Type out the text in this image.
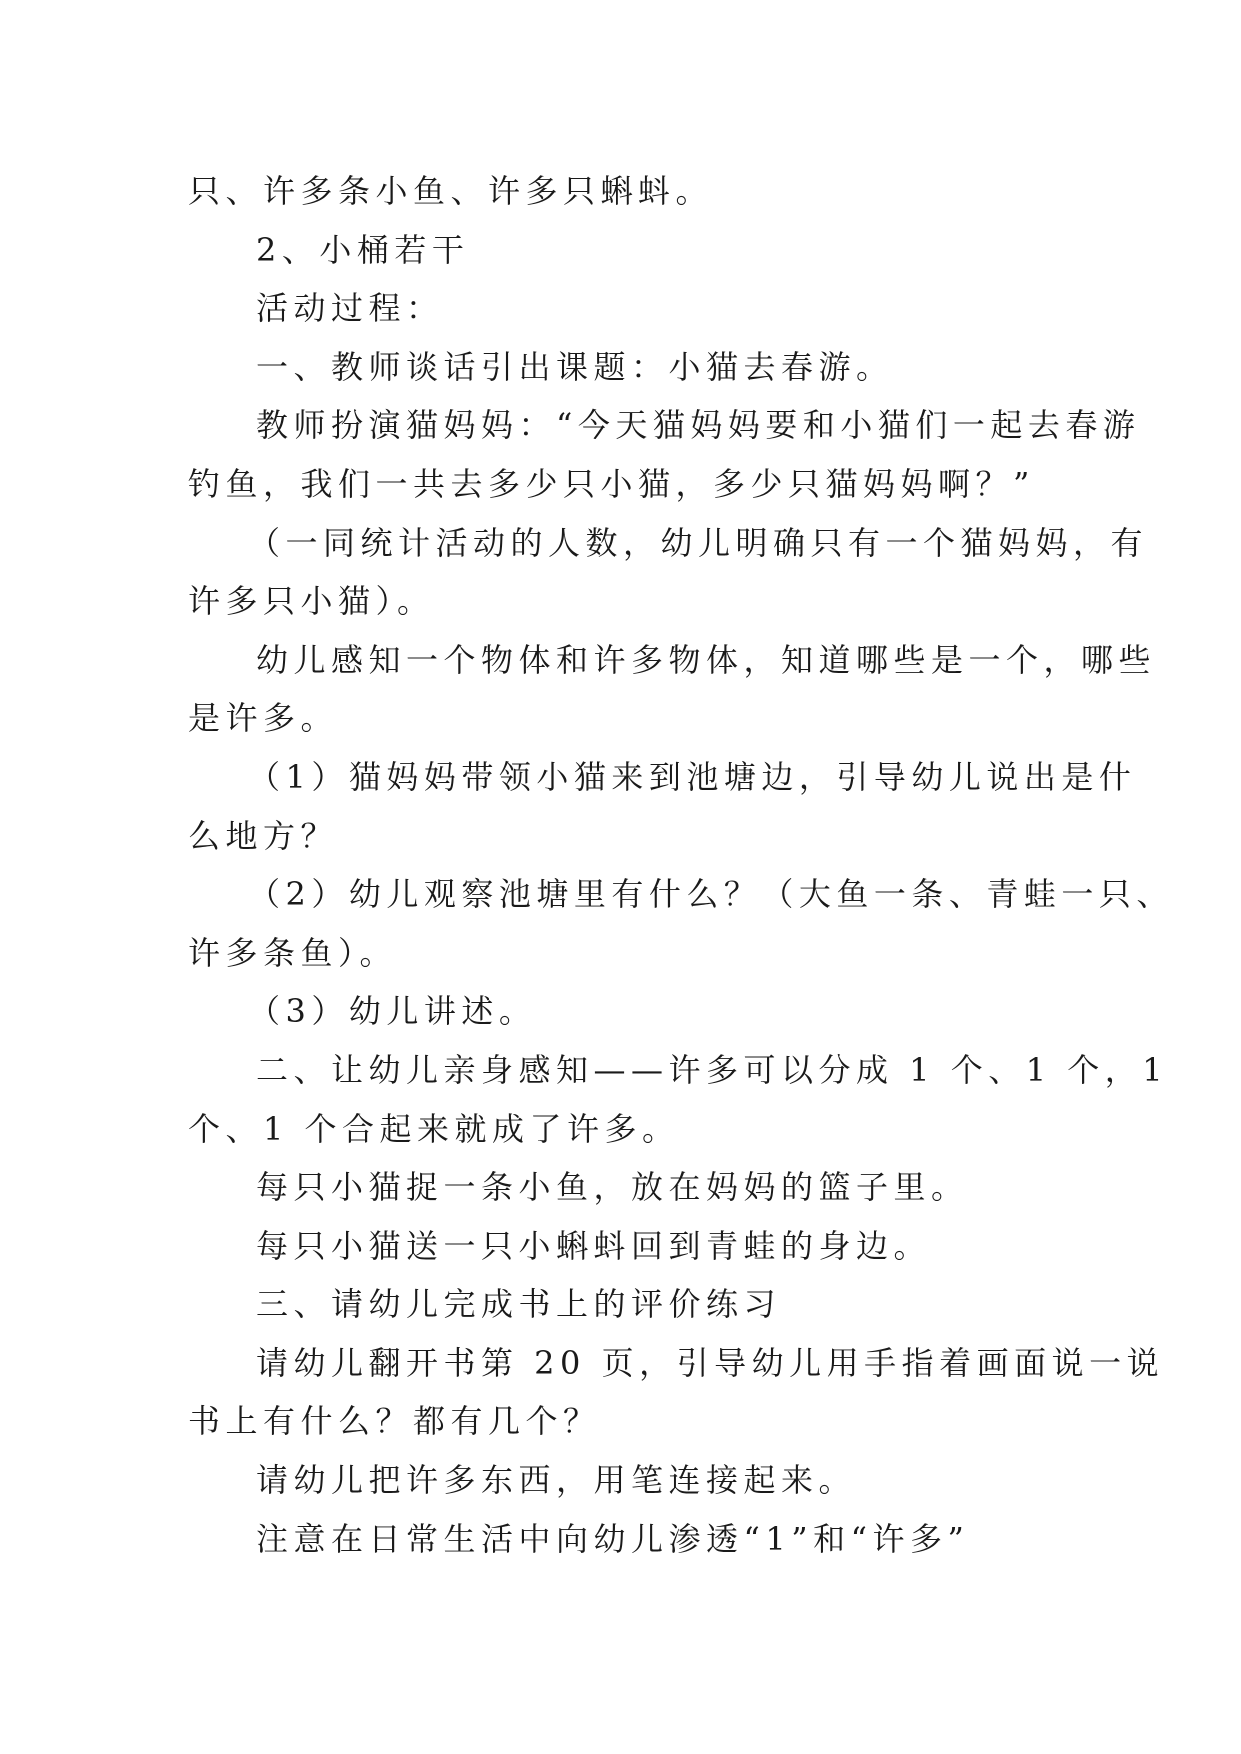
只、许多条小鱼、许多只蝌蚪。
2、小桶若干
活动过程：
一、教师谈话引出课题：小猫去春游。
教师扮演猫妈妈：“今天猫妈妈要和小猫们一起去春游
钓鱼，我们一共去多少只小猫，多少只猫妈妈啊？”
（一同统计活动的人数，幼儿明确只有一个猫妈妈，有
许多只小猫）。
幼儿感知一个物体和许多物体，知道哪些是一个，哪些
是许多。
（1）猫妈妈带领小猫来到池塘边，引导幼儿说出是什
么地方？
（2）幼儿观察池塘里有什么？（大鱼一条、青蛙一只、
许多条鱼）。
（3）幼儿讲述。
二、让幼儿亲身感知——许多可以分成 1 个、1 个，1
个、1 个合起来就成了许多。
每只小猫捉一条小鱼，放在妈妈的篮子里。
每只小猫送一只小蝌蚪回到青蛙的身边。
三、请幼儿完成书上的评价练习
请幼儿翻开书第 20 页，引导幼儿用手指着画面说一说
书上有什么？都有几个？
请幼儿把许多东西，用笔连接起来。
注意在日常生活中向幼儿渗透“1”和“许多”
